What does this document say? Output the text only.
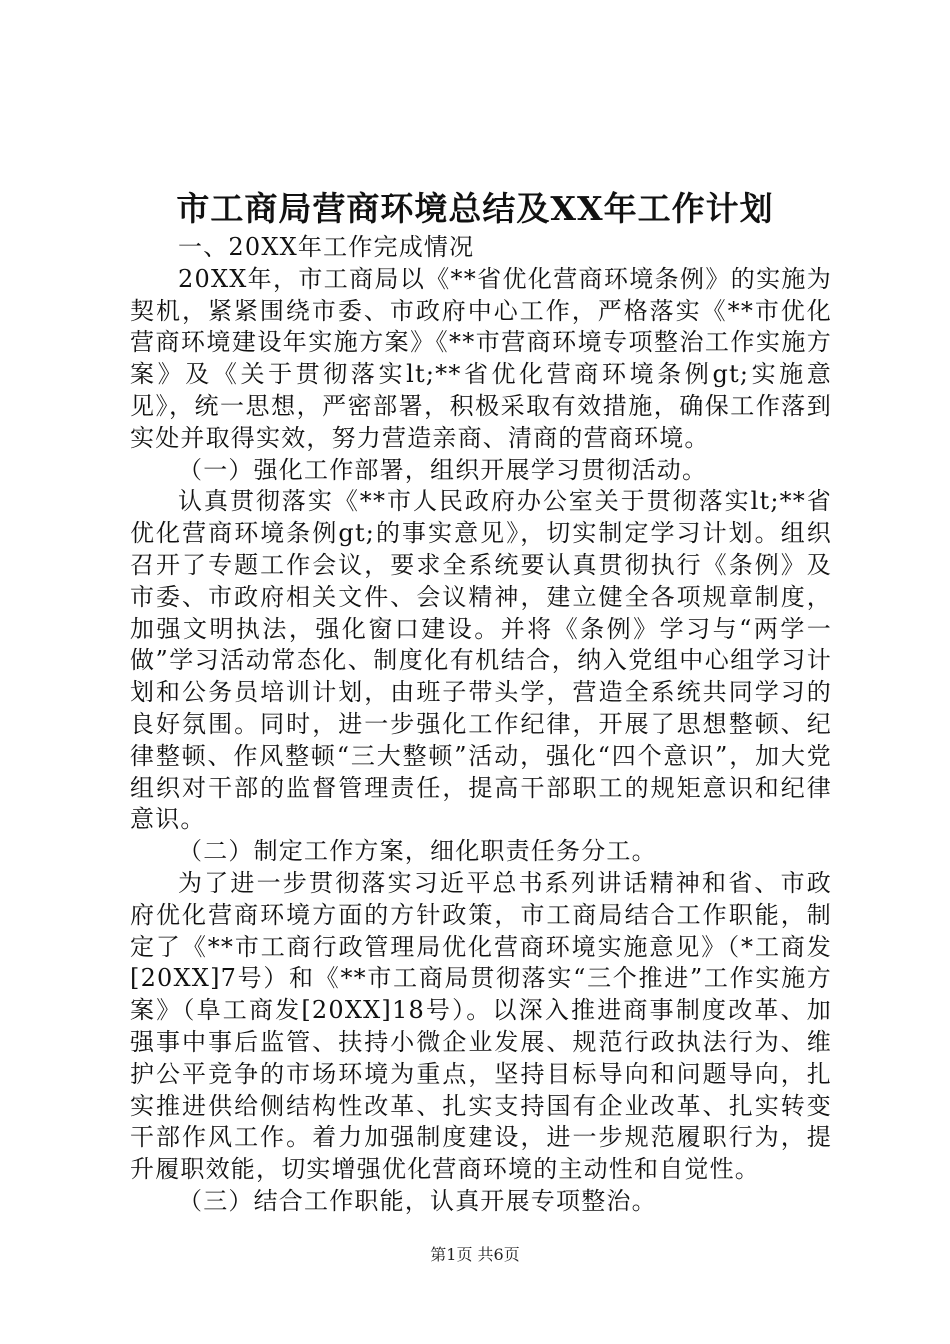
市工商局营商环境总结及XX年工作计划

一、20XX年工作完成情况

20XX年，市工商局以《**省优化营商环境条例》的实施为契机，紧紧围绕市委、市政府中心工作，严格落实《**市优化营商环境建设年实施方案》《**市营商环境专项整治工作实施方案》及《关于贯彻落实lt;**省优化营商环境条例gt;实施意见》，统一思想，严密部署，积极采取有效措施，确保工作落到实处并取得实效，努力营造亲商、清商的营商环境。

（一）强化工作部署，组织开展学习贯彻活动。

认真贯彻落实《**市人民政府办公室关于贯彻落实lt;**省优化营商环境条例gt;的事实意见》，切实制定学习计划。组织召开了专题工作会议，要求全系统要认真贯彻执行《条例》及市委、市政府相关文件、会议精神，建立健全各项规章制度，加强文明执法，强化窗口建设。并将《条例》学习与“两学一做”学习活动常态化、制度化有机结合，纳入党组中心组学习计划和公务员培训计划，由班子带头学，营造全系统共同学习的良好氛围。同时，进一步强化工作纪律，开展了思想整顿、纪律整顿、作风整顿“三大整顿”活动，强化“四个意识”，加大党组织对干部的监督管理责任，提高干部职工的规矩意识和纪律意识。

（二）制定工作方案，细化职责任务分工。

为了进一步贯彻落实习近平总书系列讲话精神和省、市政府优化营商环境方面的方针政策，市工商局结合工作职能，制定了《**市工商行政管理局优化营商环境实施意见》（*工商发[20XX]7号）和《**市工商局贯彻落实“三个推进”工作实施方案》（阜工商发[20XX]18号）。以深入推进商事制度改革、加强事中事后监管、扶持小微企业发展、规范行政执法行为、维护公平竞争的市场环境为重点，坚持目标导向和问题导向，扎实推进供给侧结构性改革、扎实支持国有企业改革、扎实转变干部作风工作。着力加强制度建设，进一步规范履职行为，提升履职效能，切实增强优化营商环境的主动性和自觉性。

（三）结合工作职能，认真开展专项整治。

第1页 共6页
